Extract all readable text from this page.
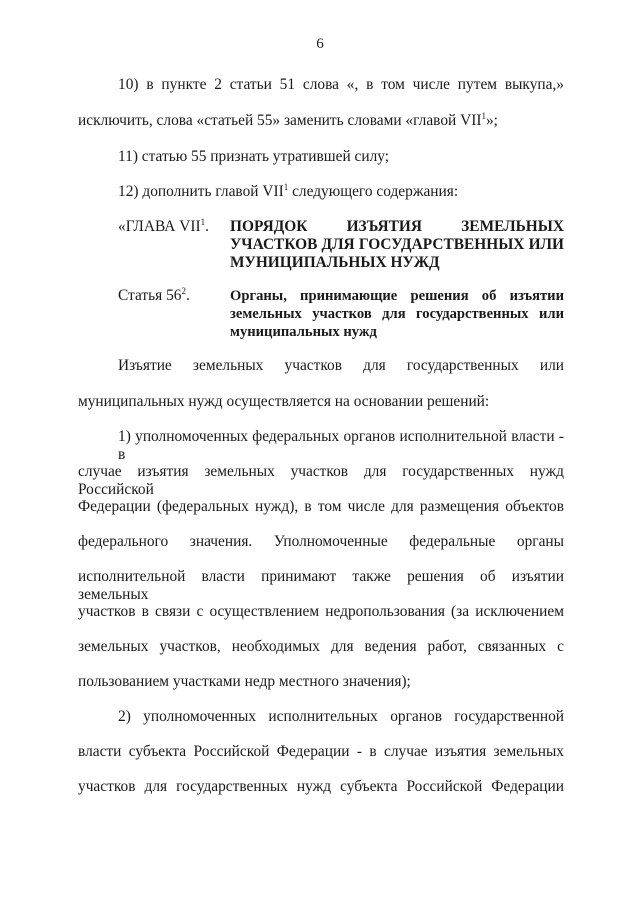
6
10) в пункте 2 статьи 51 слова «, в том числе путем выкупа,»
исключить, слова «статьей 55» заменить словами «главой VII$^1$»;
11) статью 55 признать утратившей силу;
12) дополнить главой VII$^1$ следующего содержания:
«ГЛАВА VII$^1$. ПОРЯДОК ИЗЪЯТИЯ ЗЕМЕЛЬНЫХ
УЧАСТКОВ ДЛЯ ГОСУДАРСТВЕННЫХ ИЛИ
МУНИЦИПАЛЬНЫХ НУЖД
Статья $56^2$.	Органы, принимающие решения об изъятии
земельных участков для государственных или
муниципальных нужд
Изъятие земельных участков для государственных или
муниципальных нужд осуществляется на основании решений:
1) уполномоченных федеральных органов исполнительной власти - в
случае изъятия земельных участков для государственных нужд Российской
Федерации (федеральных нужд), в том числе для размещения объектов
федерального значения. Уполномоченные федеральные органы
исполнительной власти принимают также решения об изъятии земельных
участков в связи с осуществлением недропользования (за исключением
земельных участков, необходимых для ведения работ, связанных с
пользованием участками недр местного значения);
2) уполномоченных исполнительных органов государственной
власти субъекта Российской Федерации - в случае изъятия земельных
участков для государственных нужд субъекта Российской Федерации
